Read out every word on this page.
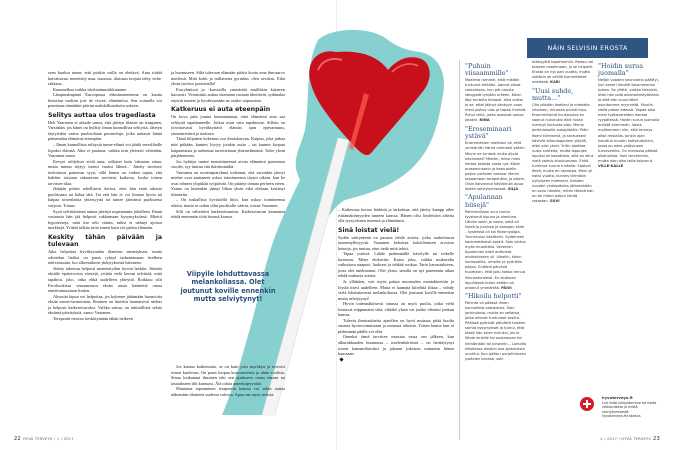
seen kuuluu tunne, että jotakin vailla on elettävä. Aina riittää kaivattavaa: menetetty maa, nuoruus, tilaisuus korjata tehty virhe, rakkaus...

Kuunnelkaa vaikka iskelmämusiikkiamme.

Lämpimämpänä Euroopassa elämänasenteena on kautta historian vaalittu joie de vivreä, elämäniloa. Sen voimalla voi ponnistaa tämänkin päivän mahdollisuuksiin uskoen.

Selitys auttaa ulos tragediasta

Heli Vaaranen ei arkaile sanoa, että jätetyn tilanne on traaginen. Varsinkin, jos hänet on hylätty ilman kunnollista selitystä. Jätetyn täytyisikin vaatia puolisoltaan perusteluja, jotka auttavat häntä pääsemään elämässä eteenpäin.

– Ilman kunnollista selitystä tunne-elämä voi jäädä vereslihalle lopuksi elämää. Aika ei paranna, vaikka niin yleisesti väitetään, Vaaranen sanoo.

Kevyet selitykset eivät auta, sellaiset kuin 'rakastan sinua, mutta minun täytyy itsenii vuoksi lähteä...' Jätetty tarvitsee tiedottavat painavan syyn, sillä hänen on vaikea tajuta, että kahden toisiaan rakastavan tarvitsisi kaikesta, koska toinen tarvitsee tilaa.

Jättäjän pitäisi rehellisesti kertoa, ettei hän enää rakasta puolisoaan tai halua tätä. Tai että hän ei voi litonaa hyvin tai kaipaa toisenlaista yhteisyyttä tai tuntee jäävänsä puolisonsa varjoon. Totuus.

Syyn selvittämisen auttaa jätettyä nopeammin jaloilleen. Ilman vastausta hän jää helposti rukkumaan kysymyksiinsä. Miettii hypoteeseja, mitä itse teki väärin, miksi ei nähnyt ajoissa merkkejä. Yrittää tulkita niitä ennen kuin voi palata elämään.

Keskity tähän päivään ja tulevaan

Aika helpottaa hyväksymään tilanteen menetyksen, mutta odottelun lisäksi on paras ryhtyä tarkentamaan itselleen tulevaisuutta, luo alkeeraikeen järkytyksestä lukeneen.

Jätetty takertuu helposti menetettyihin hyviin hetkiin. Jättetää eksäile epätoivoisia viestejä, yrittää vielä kerran selvittää, mitä tapahtui, joko, onko ehkä uudelleen yhteyttä. Roikkuu silti Facebookissa seuraamassa eksän uusia käänteitä omaa onnettomuuttaan lisäten.

Aksasita kipua voi helpottaa, jos kykenee jättämään huomioita eksän somer-tarinoinnin. Ihminen on luotettu luontaisesti utelias ja helposti katkeroituvaksi. Vaikka sattuu, on inhimillistä selata eksänsä päivityksiä, sanoo Vaaranen.

Terapeutti neuvoo keskittymään tähän hetkeen

ja huomiseen. Siltä tulevaan elämään pitäisi koota oma ihmisarvo mielessä. Mitä kohti ja millaisena pyrinkin, olen arvokas. Eikä yksin tarvitse ponnistella!

Eroryhmissä ja -kursseilla ymmärtää muillekin käyneen huonosti. Vertaistuki auttaa ottamaan vastaan itkettävät, sydänalaa repivät tunteet ja hyväksymään ne osaksi toipumista.

Katkeruus ei auta eteenpäin

On kova pala joutua huomaamaan, ettei elämässä aina saa selitystä tapahtuneelle. Jotkut asiat vain tapahtuvat. Silloin on toivottavasti hyväksyttävä elämän ajan epävarmuus, ymmärrettävä ja tuettava.

Tämä hiljainen kokemus osa ihmiskasvua. Kaipuu, joka jatkaa niin pitkään, kunnes löytyy jotakin uutta – tai kunnes luopuu kaipaamasta ja tarkentaa tavoitteitaan yhteiselämästä. Tulee yksin pärjäämiseen.

Jos hylätyn tuntee menettäneensä aivan elämänsä paremmat vuodet, syy tuntuu sitä ikävämmältä.

Vaaranen on eroterapiaryhmä todennut, että varsinkin jätetyt miehet ovat saattaneet uskoa toimimeensa täysin oikein, kun he ovat tehneet ylipitkää työpäivää. On pitänyt tienata perheen eteen. Yaimo on kuitenkin jäänyt liikaa yksin eikä olekaan kestänyt tilannetta.

– On tuskallista hyvästellä liitto, kun uskoo toimineensa oikein, mutta se onkin ollut puolisolle väärin, toteaa Vaaranen.

Silti on vältettävä katkeroitumista. Katkeroituvan kannattaa tehdä enemmän töitä itsensä kanssa.

Jos kantaa katkeruutta, se on kuin joisi myrkkyä ja toivoisi toisen kuolevan. On paras luopua kostoaaveista ja uhrin roolista. Sinua loukannut ihminen teki sen ajaakseen omaa etuaan tai tasatakseen tilit kanssasi. Älä odota anteeksipyyntöä.

Muutama tapaaminen terapeutin kanssa voi sekin auttaa näkemään tilanteen uudessa valossa. Apua saa myös netistä.

Viipyile lohduttavassa melankoliassa. Olet joutunut koville ennenkin mutta selviytynyt!
22 HYVÄ TERVEYS / 1 / 2017

– Katkeruus kertoo hädästä ja tarkoittaa, että jätetty kampp ailee riittämättömyyden tunteen kanssa. Hänen olisi löydettävä aihetta olla tyytyväinen itseensä ja elämäänsä.

Sinä loistat vielä!

Sydän särkyneenä on parasta tehdä asioita, jotka rauhoittavat tunnemylleryystä. Vaaranen kehottaa kokeilemisen arvoisia keinoja, jos tuntuu, ettei tiedä mitä tekisi.

Tapaa ystäviä. Lähde pidemmälle kävelylle tai retkelle luontoon. Mene elokuviin. Kutsu joku, vaikka mukavalta vaikuttava naapuri, luoksesi ja tehkää ruokaa. Tartu harrastukseen, josta olet unelmoinut. Olet yksin, sinulla on nyt paremmin aikaa tehdä mukavia asioita.

Ja yllättäen, voit myös palata nuoruuden mentaliteettiin ja löytää itsesi uudelleen. Mutta ei kannata kiirehtiä liikaa – viihdy vielä lohduttavassa melankoliassa. Olet joutunut koville ennenkin mutta selviytynyt!

Hyvin todennäköisesti sinussa on myös puolia, jotka vielä loistavat riippumatta siitä, eläätkö yksin vai jaatko elämäsi jonkun kanssa.

Tulevia ihmissuhteita ajatellen on hyvä muistaa pitää huolta omasta hyvinvoinnistaan ja onnensa aiheista. Toisen kautta kun ei pidemmän päälle voi elää.

Onneksi tämä tarvitsee muistaa vasta sen jälkeen, kun alkurakkauden huumassa – mielenhäiriössä – on heittäytynyt toisen kannateltavaksi ja jakanut jokaisen minuutin hänen kanssaan.

NÄIN SELVISIN EROSTA
"Puhuin viisaammille"

Maailma romahti, eikä mikään tuntunut miltään. Aamut olivat raskaimpia, kun piti nousta sängystä tyhjään arkeen. Kävin läpi tunteita hitaasti. Aika auttoi ja se, ettei jäänyt sänkyyn vaan meni joskus ulos ja tapasi ihmisiä. Puhui niille, jotka osasivat sanoa jotakin. NINA

"Eroseminaari ystävä"

Ensimmäinen reaktioni oli, että ymmärrän hänet varmasti väärin. Minne ne tunteet muka olivat hävinneet? Miettin, miksi mies kertoa asiasta vasta nyt. Kävin eroseminaarin ja keskustelin paljon ystävien kanssa. Menin tapaamaan terapeuttia, ja oikein. Olsin kaivannut käytännön apua lasten selviytymisessä. SILJA

"Apulannan biisejä"

Pahimmillaan suru tuntui fyysisenä kipuna ja oireiluna. Lähdin saliin ja vasta, sekä oli kipeä ja jumissa ja kaivojan särki – kyseessä oli kai fibromyalgia. Tunnesulun käsittelin. Sydämeen konkreettisesti koskit. Sain lohtua myös musiikista. Varsinkin Apulannan biisit auttoivat ohdistukseen yli. Ulkoilin, kävin kuntosalilla, urheilin ja pyöräilin paljon. Endänä päivänä huomasin, että joku katsoi minua kiinnostuneesti. En olutkaan lopullisesti kuten ekääni oli antanut ymmärtää. PÄIVI

"Hikoilu helpotti"

Pahinta oli päässä ilman kunnollisia vastauksia. Sain jonkinlaisia, mutta en sellaisia, jotka olisivat tuntuneet tosilta. Pitäissä pyörivät päivästä toiseen samat kysymykset ja tuntui, että tässä hän tulee hulluksi, jos ei lähde lenkille tai soutamaan tai hiihtämään tai johonkin... Loduilla hikoilessa ainakin osa ajatuksista unohtui. Kun pääsin purjehtimaan ystävien kanssa, sain

etäisyyttä tapahtumiin. Reissu vei toiseen maailmaan, ja se helpotti. Erosta on nyt pari vuotta, mutta vieläkin se välillä kummittelee mielessä. KARI

"Uusi suhde, mutta..."

Olin pitkään itselleni ja miehelle vihainen, rinnassa puristi kipu. Ensimmäisinä kuukausina en saanut nukutuksi eikä ruoka mennyt kurkusta alas. Menin jonkinlaiselle autopilotille. Pidin itseni kiireisenä, ja saraukseni kävivät viikonloppuisin ylöyllä, ettei olisi yksin. Yritin aloittaa uusia suhteita, mutta loppujen lopuksi oli kaoottista, sillä en ollut vielä valmis sitoutumaan. Enkä tuntenut suuria tunteita. Saatoin itkeä, mutta en rakastaa. Meni yli kaksi vuotta, kunnes törmäsin nykyiseen mieheeni. Kahden vuoden yhdessäolon jälkeenkään en sano hänelle, miten tärkeä hän on tai miten paljon häntä rakastan. SUVI

"Hoidin surua juomalla"

Neljän vuoden seurustelu päättyi, kun kaveri ilmoitti tavanneensa toisen. Se yllätti, vaikka tiesinkin, ettei hän pidä alkoholinkäytöstäni ja että hän suunnitteli asuntomme myymistä. Muutin siellä pakon edessä. Vapaa aika meni työkavereiden kanssa ryypätessä. Hoidin surua juomalla entistä enemmän. Vasta myöhemmin niin, että terveys alkoi reistailla. Jonkin ajan kuluttua muutin kotiseudulleni, jossa on edes ystävineen turvaverkko. On menossa päästä alkoholista. Vain tervemmin, mutta olen aika lailla toipunut. VILLE-KALLE

hyvaterveys.fi
Lue lisää lukijoidemme tarinoita rakkaudesta ja mistä selviytymisestä: hyvaterveys.fi/rakkaus
1 / 2017 / HYVÄ TERVEYS 23
